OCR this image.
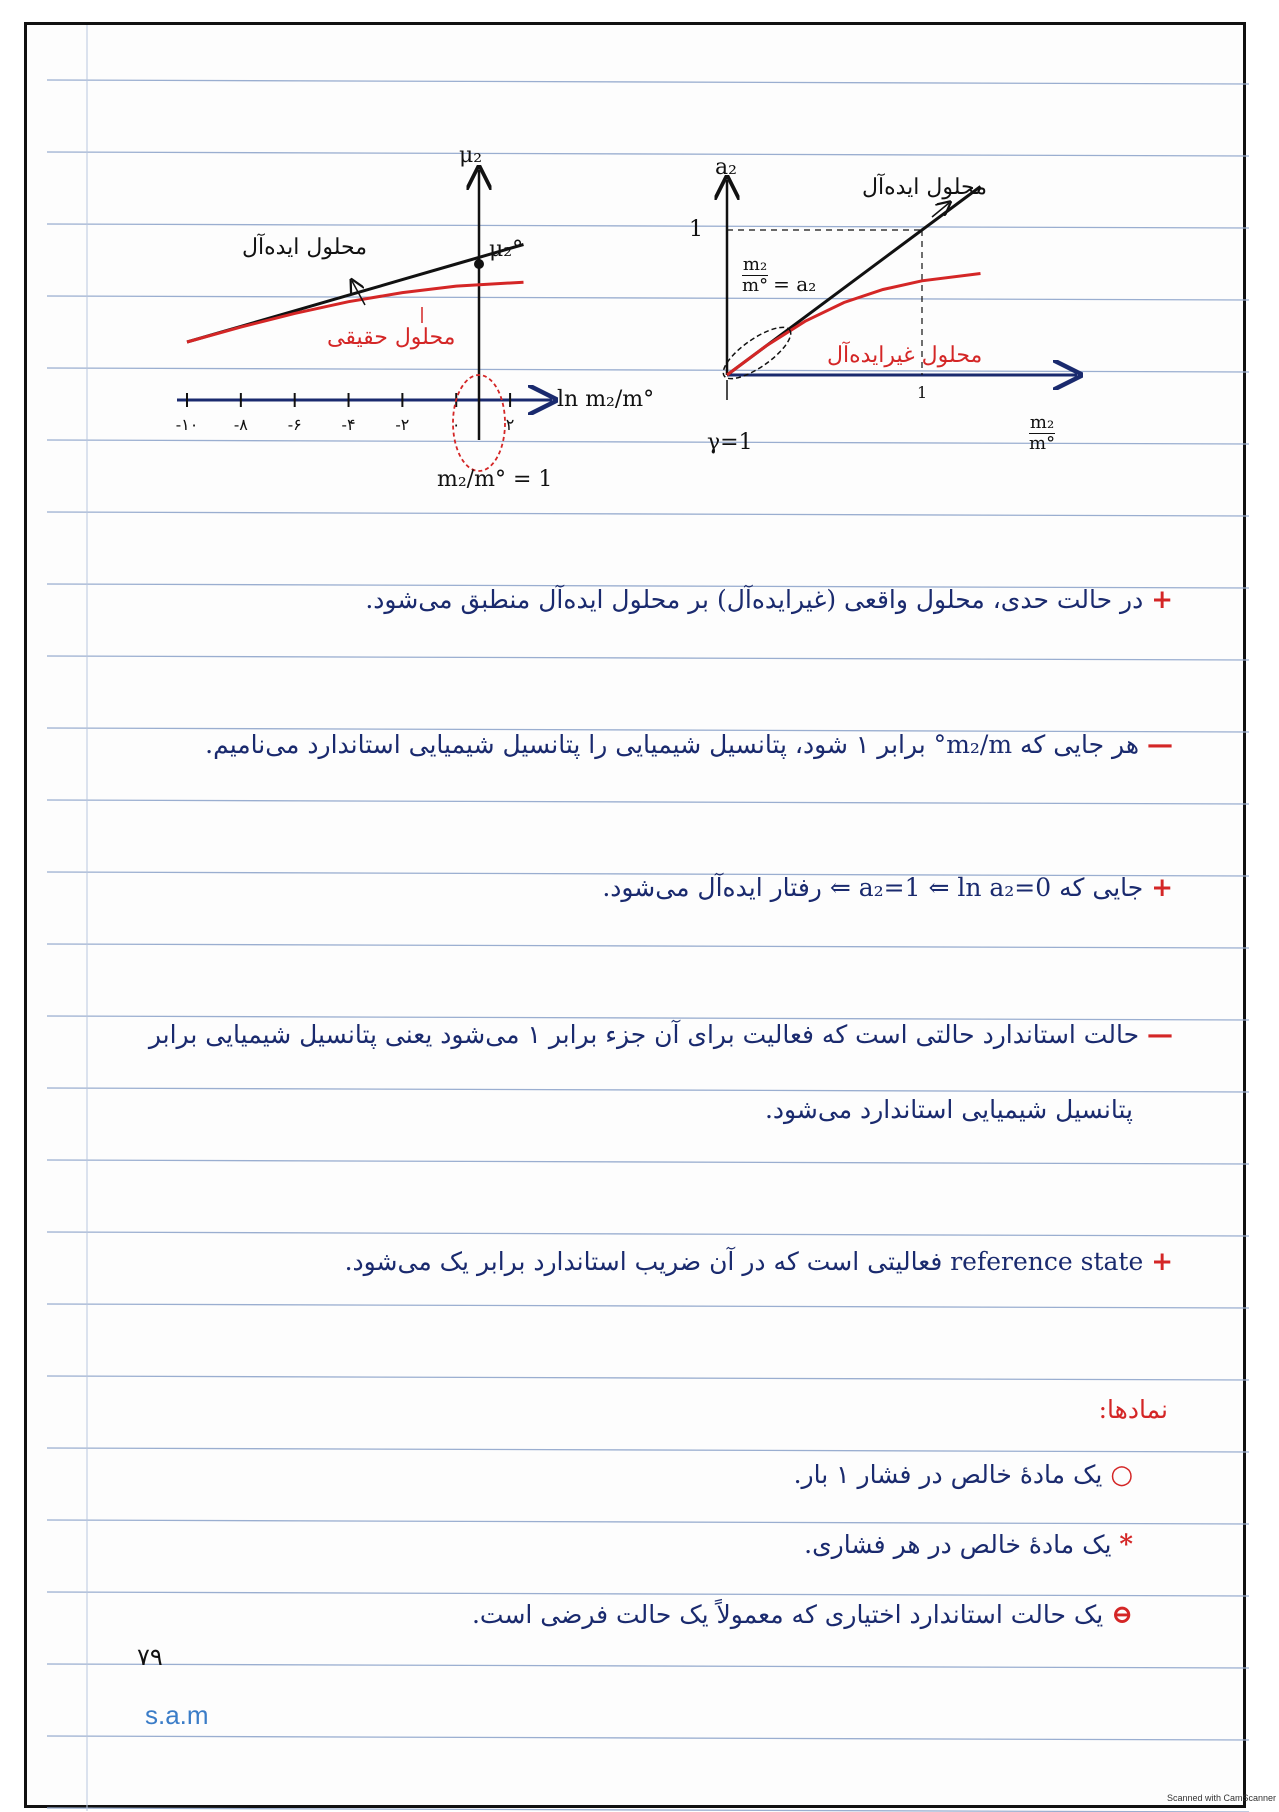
-۱۰ -۸ -۶ -۴ -۲	۰	۲
μ₂
μ₂°
محلول ایده‌آل
محلول حقیقی
ln m₂/m°
m₂/m° = 1
a₂
1
1
محلول ایده‌آل
محلول غیرایده‌آل
$\frac{\text{m₂}}{m^\circ} = a_2$
$\frac{\text{m₂}}{m^\circ}$
γ=1
+ در حالت حدی، محلول واقعی (غیرایده‌آل) بر محلول ایده‌آل منطبق می‌شود.
— هر جایی که m₂/m° برابر ۱ شود، پتانسیل شیمیایی را پتانسیل شیمیایی استاندارد می‌نامیم.
+ جایی که a₂=1 ⇐ ln a₂=0 ⇐ رفتار ایده‌آل می‌شود.
— حالت استاندارد حالتی است که فعالیت برای آن جزء برابر ۱ می‌شود یعنی پتانسیل شیمیایی برابر
پتانسیل شیمیایی استاندارد می‌شود.
+ reference state فعالیتی است که در آن ضریب استاندارد برابر یک می‌شود.
نمادها:
○ یک مادهٔ خالص در فشار ۱ بار.
* یک مادهٔ خالص در هر فشاری.
⊖ یک حالت استاندارد اختیاری که معمولاً یک حالت فرضی است.
۷۹
s.a.m
Scanned with CamScanner
